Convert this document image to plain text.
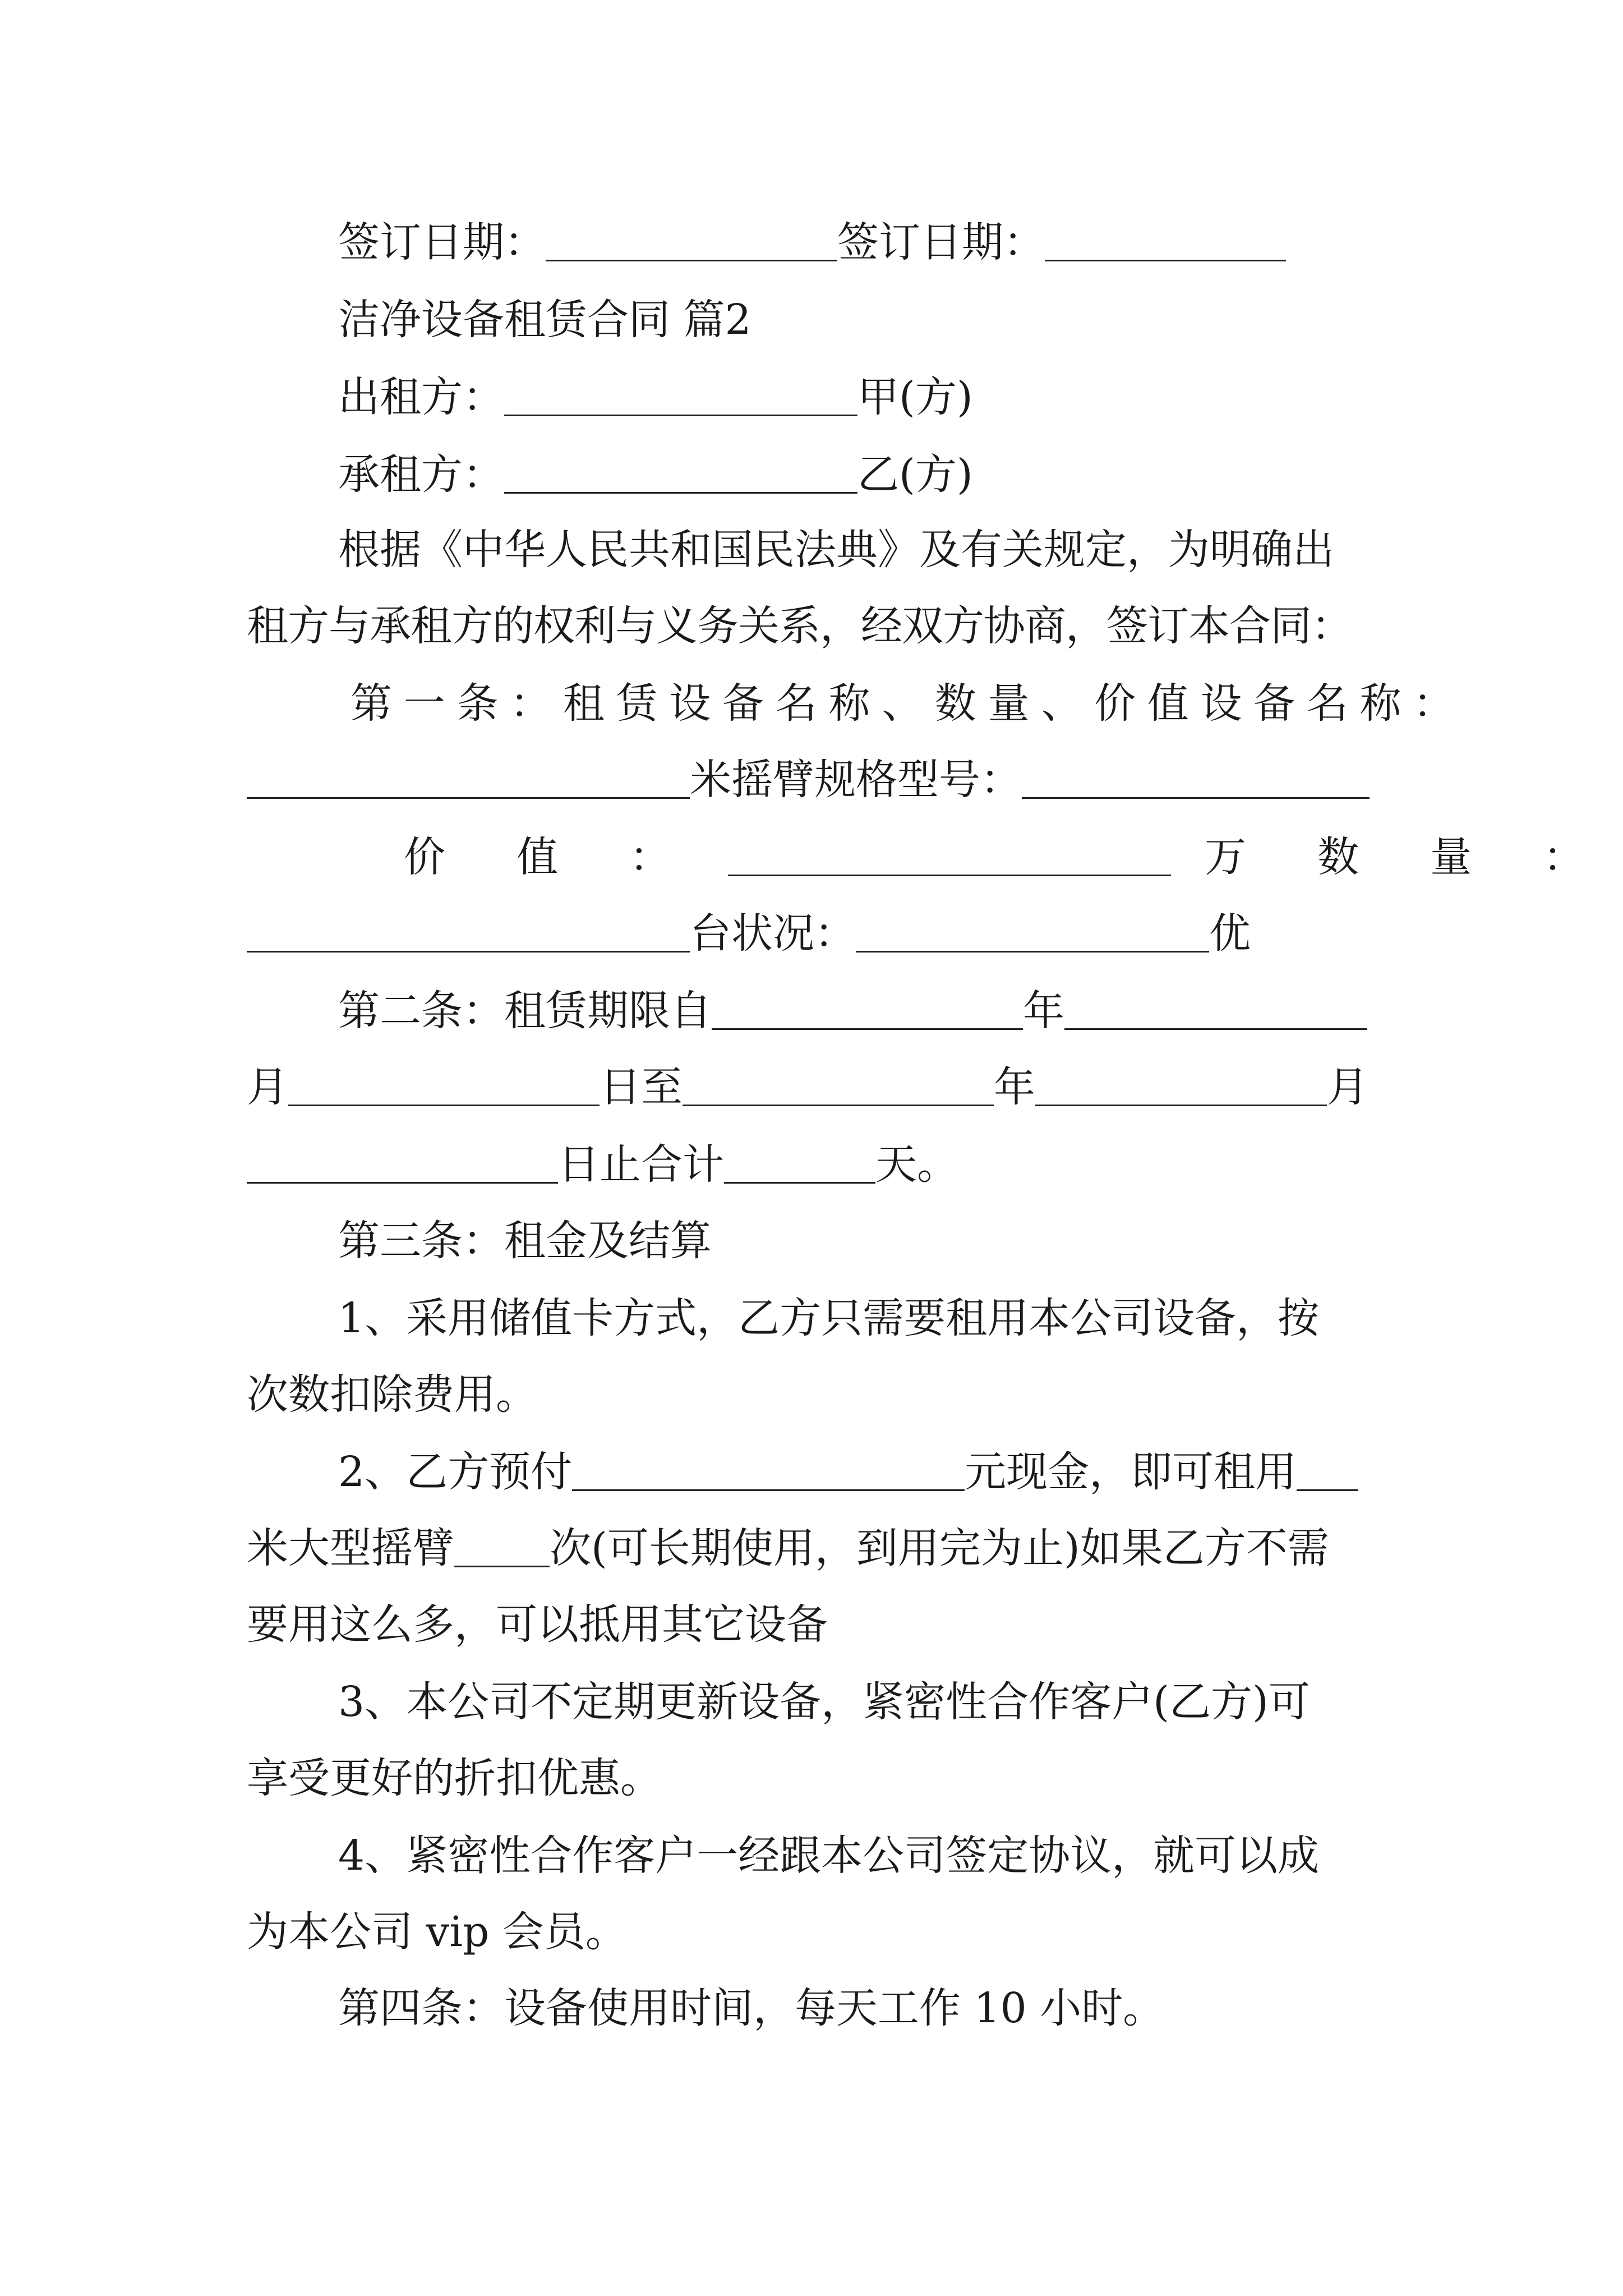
签订日期：	签订日期：
洁净设备租赁合同 篇2
出租方：	甲(方)
承租方：	乙(方)
根据《中华人民共和国民法典》及有关规定，为明确出
租方与承租方的权利与义务关系，经双方协商，签订本合同：
第一条：租赁设备名称、数量、价值设备名称：
米摇臂规格型号：
价 值 ：	万 数 量 ：
台状况：	优
第二条：租赁期限自	年
月	日至	年	月
日止合计	天。
第三条：租金及结算
1、采用储值卡方式，乙方只需要租用本公司设备，按
次数扣除费用。
2、乙方预付	元现金，即可租用
米大型摇臂 次(可长期使用，到用完为止)如果乙方不需
要用这么多，可以抵用其它设备
3、本公司不定期更新设备，紧密性合作客户(乙方)可
享受更好的折扣优惠。
4、紧密性合作客户一经跟本公司签定协议，就可以成
为本公司 vip 会员。
第四条：设备使用时间，每天工作 10 小时。
